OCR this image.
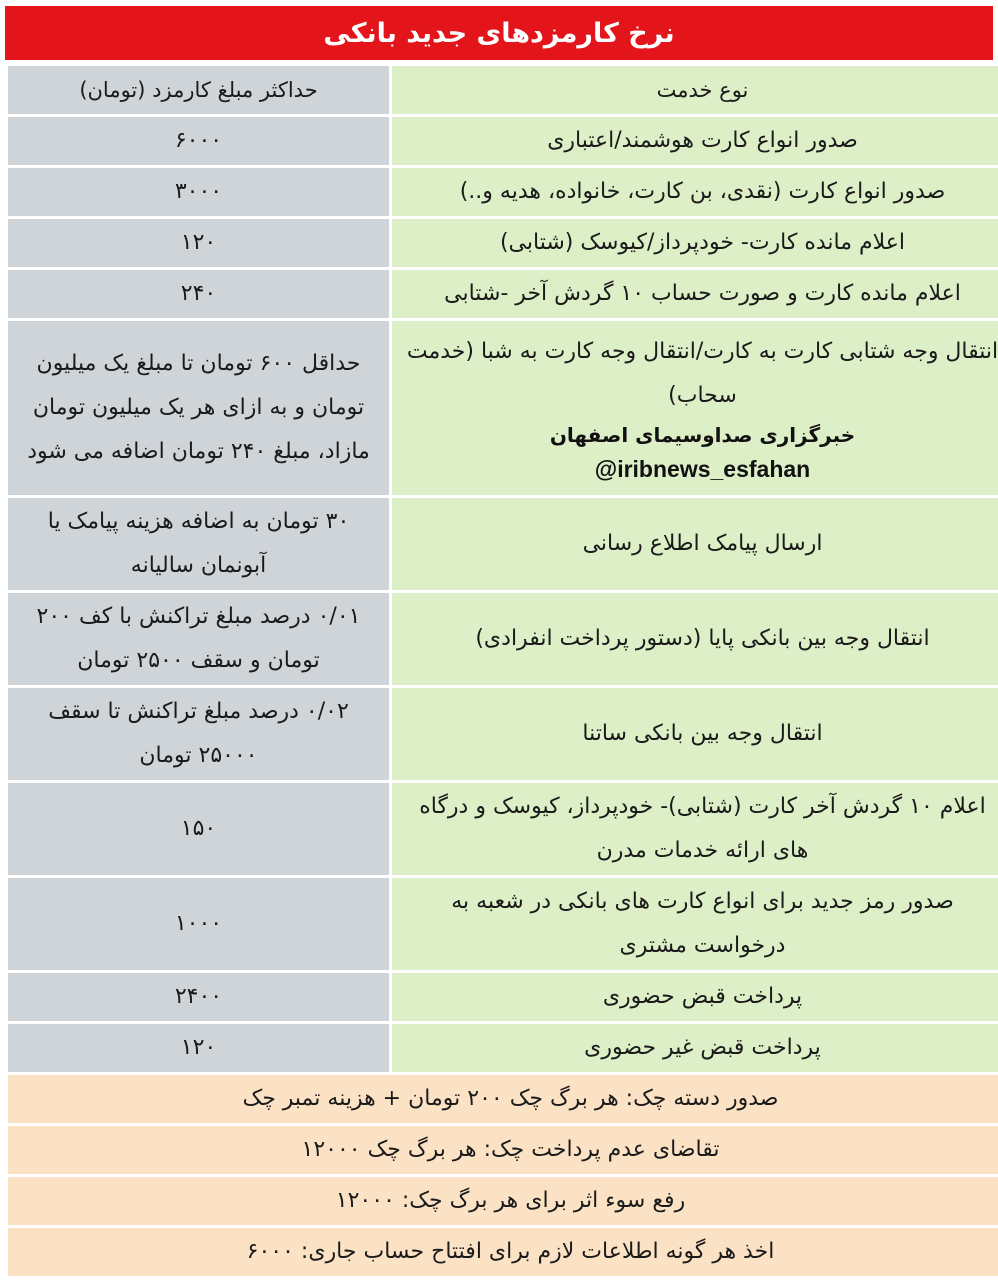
نرخ کارمزدهای جدید بانکی
نوع خدمت	حداکثر مبلغ کارمزد (تومان)
صدور انواع کارت هوشمند/اعتباری	۶۰۰۰
صدور انواع کارت (نقدی، بن کارت، خانواده، هدیه و..)	۳۰۰۰
اعلام مانده کارت- خودپرداز/کیوسک (شتابی)	۱۲۰
اعلام مانده کارت و صورت حساب ۱۰ گردش آخر -شتابی	۲۴۰
انتقال وجه شتابی کارت به کارت/انتقال وجه کارت به شبا (خدمت سحاب)
خبرگزاری صداوسیمای اصفهان
@iribnews_esfahan	حداقل ۶۰۰ تومان تا مبلغ یک میلیون تومان و به ازای هر یک میلیون تومان مازاد، مبلغ ۲۴۰ تومان اضافه می شود
ارسال پیامک اطلاع رسانی	۳۰ تومان به اضافه هزینه پیامک یا آبونمان سالیانه
انتقال وجه بین بانکی پایا (دستور پرداخت انفرادی)	۰/۰۱ درصد مبلغ تراکنش با کف ۲۰۰ تومان و سقف ۲۵۰۰ تومان
انتقال وجه بین بانکی ساتنا	۰/۰۲ درصد مبلغ تراکنش تا سقف ۲۵۰۰۰ تومان
اعلام ۱۰ گردش آخر کارت (شتابی)- خودپرداز، کیوسک و درگاه های ارائه خدمات مدرن	۱۵۰
صدور رمز جدید برای انواع کارت های بانکی در شعبه به درخواست مشتری	۱۰۰۰
پرداخت قبض حضوری	۲۴۰۰
پرداخت قبض غیر حضوری	۱۲۰
صدور دسته چک: هر برگ چک ۲۰۰ تومان + هزینه تمبر چک	
تقاضای عدم پرداخت چک: هر برگ چک ۱۲۰۰۰	
رفع سوء اثر برای هر برگ چک: ۱۲۰۰۰	
اخذ هر گونه اطلاعات لازم برای افتتاح حساب جاری: ۶۰۰۰	
